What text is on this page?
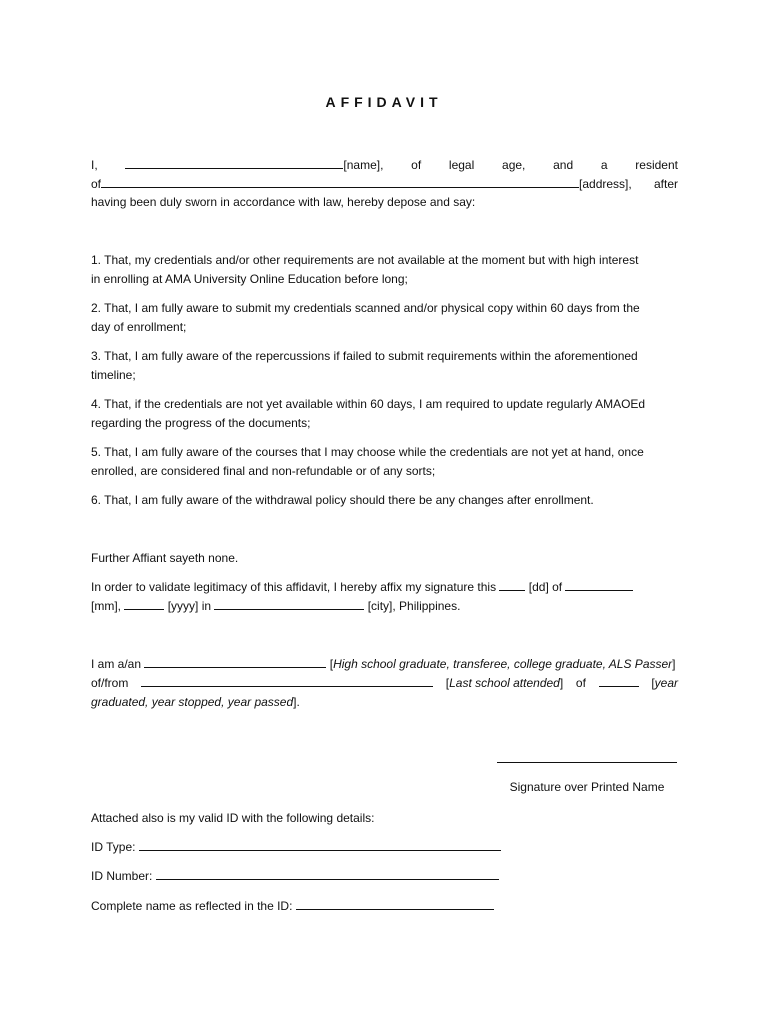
AFFIDAVIT
I,	[name], of legal age, and a resident
of	[address], after
having been duly sworn in accordance with law, hereby depose and say:
1. That, my credentials and/or other requirements are not available at the moment but with high interest
in enrolling at AMA University Online Education before long;
2. That, I am fully aware to submit my credentials scanned and/or physical copy within 60 days from the
day of enrollment;
3. That, I am fully aware of the repercussions if failed to submit requirements within the aforementioned
timeline;
4. That, if the credentials are not yet available within 60 days, I am required to update regularly AMAOEd
regarding the progress of the documents;
5. That, I am fully aware of the courses that I may choose while the credentials are not yet at hand, once
enrolled, are considered final and non-refundable or of any sorts;
6. That, I am fully aware of the withdrawal policy should there be any changes after enrollment.
Further Affiant sayeth none.
In order to validate legitimacy of this affidavit, I hereby affix my signature this	[dd] of
[mm],	[yyyy] in	[city], Philippines.
I am a/an	[High school graduate, transferee, college graduate, ALS Passer]
of/from	[Last school attended] of	[year
graduated, year stopped, year passed].
Signature over Printed Name
Attached also is my valid ID with the following details:
ID Type:
ID Number:
Complete name as reflected in the ID:
